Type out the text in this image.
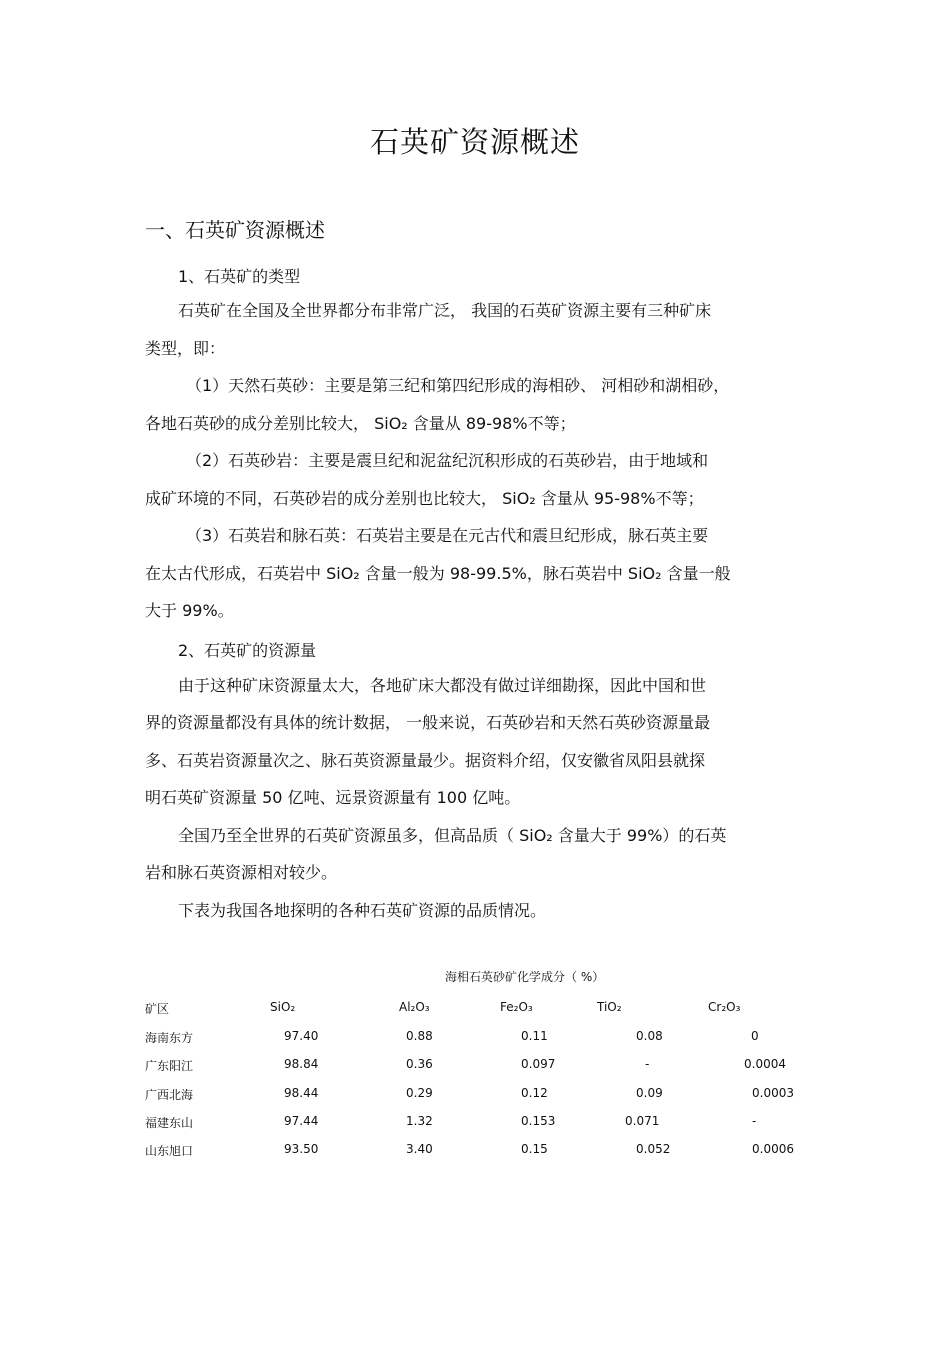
石英矿资源概述
一、石英矿资源概述
1、石英矿的类型
石英矿在全国及全世界都分布非常广泛， 我国的石英矿资源主要有三种矿床
类型，即：
（1）天然石英砂：主要是第三纪和第四纪形成的海相砂、 河相砂和湖相砂，
各地石英砂的成分差别比较大， SiO₂ 含量从 89-98%不等；
（2）石英砂岩：主要是震旦纪和泥盆纪沉积形成的石英砂岩，由于地域和
成矿环境的不同，石英砂岩的成分差别也比较大， SiO₂ 含量从 95-98%不等；
（3）石英岩和脉石英：石英岩主要是在元古代和震旦纪形成，脉石英主要
在太古代形成，石英岩中 SiO₂ 含量一般为 98-99.5%，脉石英岩中 SiO₂ 含量一般
大于 99%。
2、石英矿的资源量
由于这种矿床资源量太大，各地矿床大都没有做过详细勘探，因此中国和世
界的资源量都没有具体的统计数据， 一般来说，石英砂岩和天然石英砂资源量最
多、石英岩资源量次之、脉石英资源量最少。据资料介绍，仅安徽省凤阳县就探
明石英矿资源量 50 亿吨、远景资源量有 100 亿吨。
全国乃至全世界的石英矿资源虽多，但高品质（ SiO₂ 含量大于 99%）的石英
岩和脉石英资源相对较少。
下表为我国各地探明的各种石英矿资源的品质情况。
海相石英砂矿化学成分（ %）
矿区	SiO₂	Al₂O₃	Fe₂O₃	TiO₂	Cr₂O₃
海南东方	97.40	0.88	0.11	0.08	0
广东阳江	98.84	0.36	0.097	-	0.0004
广西北海	98.44	0.29	0.12	0.09	0.0003
福建东山	97.44	1.32	0.153	0.071	-
山东旭口	93.50	3.40	0.15	0.052	0.0006
